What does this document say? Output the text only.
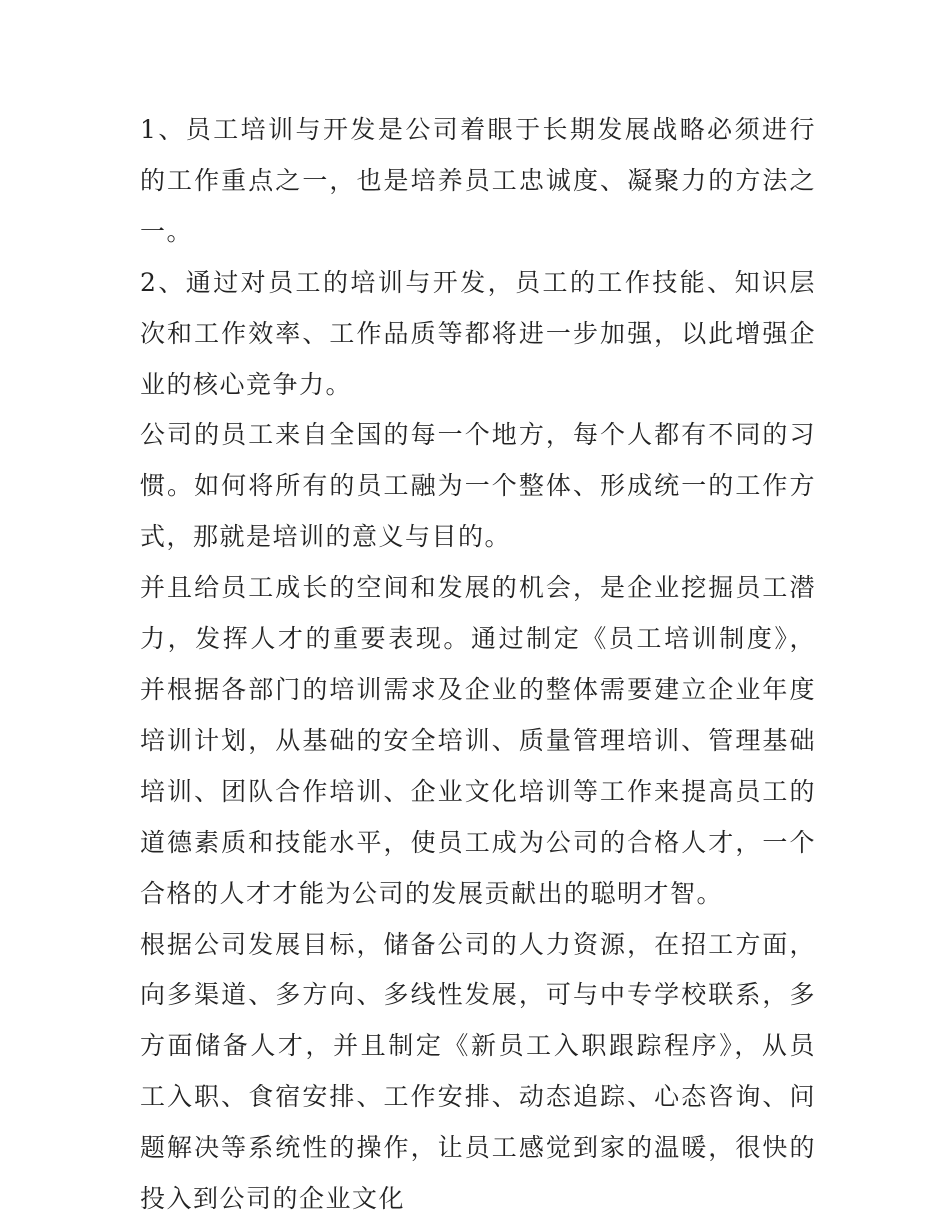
1、员工培训与开发是公司着眼于长期发展战略必须进行的工作重点之一，也是培养员工忠诚度、凝聚力的方法之一。

2、通过对员工的培训与开发，员工的工作技能、知识层次和工作效率、工作品质等都将进一步加强，以此增强企业的核心竞争力。

公司的员工来自全国的每一个地方，每个人都有不同的习惯。如何将所有的员工融为一个整体、形成统一的工作方式，那就是培训的意义与目的。

并且给员工成长的空间和发展的机会，是企业挖掘员工潜力，发挥人才的重要表现。通过制定《员工培训制度》，并根据各部门的培训需求及企业的整体需要建立企业年度培训计划，从基础的安全培训、质量管理培训、管理基础培训、团队合作培训、企业文化培训等工作来提高员工的道德素质和技能水平，使员工成为公司的合格人才，一个合格的人才才能为公司的发展贡献出的聪明才智。

根据公司发展目标，储备公司的人力资源，在招工方面，向多渠道、多方向、多线性发展，可与中专学校联系，多方面储备人才，并且制定《新员工入职跟踪程序》，从员工入职、食宿安排、工作安排、动态追踪、心态咨询、问题解决等系统性的操作，让员工感觉到家的温暖，很快的投入到公司的企业文化
